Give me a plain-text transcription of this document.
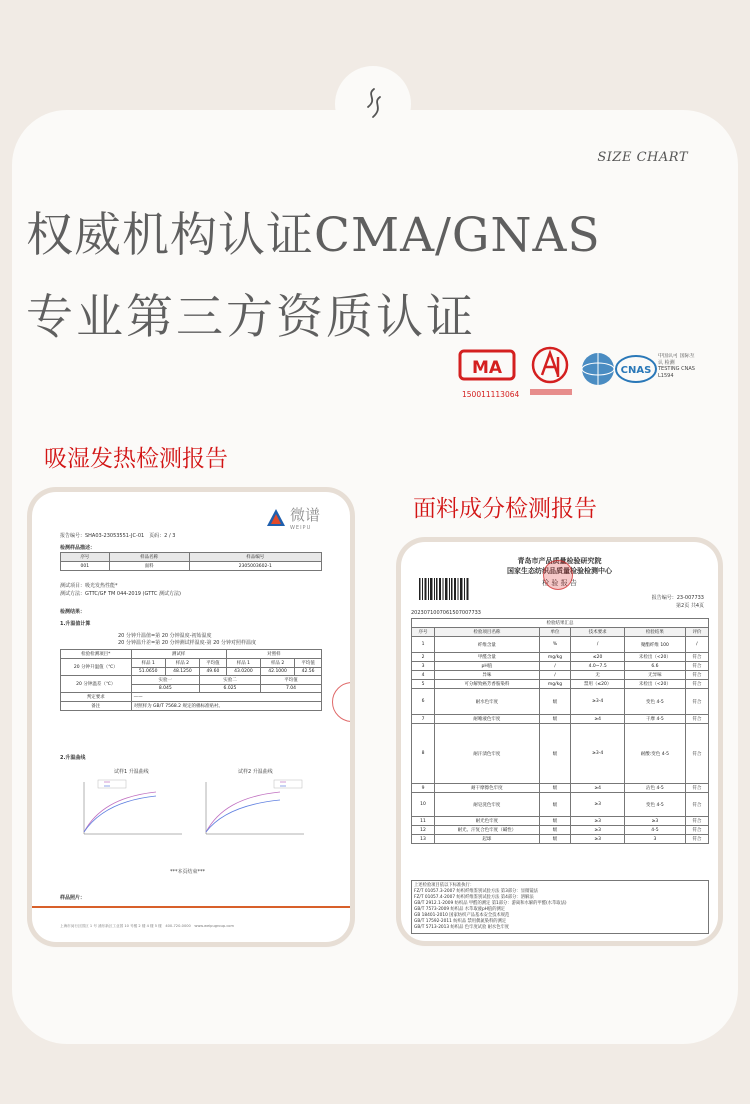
SIZE CHART
权威机构认证CMA/GNAS
专业第三方资质认证
MA
150011113064
CNAS
中国认可 国际互认 检测 TESTING CNAS L1594
吸湿发热检测报告
面料成分检测报告
微谱
WEIPU
报告编号：SHA03-23053551-JC-01　页码：2 / 3
检测样品描述：
序号	样品名称	样品编号
001	面料	2305003602-1
测试项目：吸光发热性能*
测试方法：GTTC/GF TM 044-2019 (GTTC 测试方法)
检测结果：
1.升温值计算
20 分钟升温值=第 20 分钟温度-初始温度
20 分钟温升差=第 20 分钟测试样温度-第 20 分钟对照样温度
检验检测项目*	测试样			对照样		
20 分钟升温值（℃）	样品 1	样品 2	平均值	样品 1	样品 2	平均值
	51.0650	48.1250	49.60	43.0200	42.1000	42.56
20 分钟温差（℃）	实验一		实验二		平均值	
	8.045		6.025		7.04	
判定要求	——					
备注	对照样为 GB/T 7568.2 规定的棉标准贴衬。					
2.升温曲线
试样1 升温曲线	试样2 升温曲线
***本页结束***
样品照片：
上海市闵行区园区 1 号 浦东新区工业园 10 号楼 2 楼 4 楼 5 楼　400-720-0000　www.weipugroup.com
青岛市产品质量检验研究院
国家生态纺织品质量检验检测中心
检 验 报 告
报告编号：23-007733
第2页 共4页
2023071007061507007733
检验结果汇总					
序号	检验项目名称	单位	技术要求	检验结果	评价
1	纤维含量	%	/	聚酯纤维 100	/
2	甲醛含量	mg/kg	≤20	未检出（<20）	符合
3	pH值	/	4.0~7.5	6.6	符合
4	异味	/	无	无异味	符合
5	可分解致癌芳香胺染料	mg/kg	禁用（≤20）	未检出（<20）	符合
6	耐水色牢度	级	≥3-4	变色 4-5	符合
7	耐唾液色牢度	级	≥4	干摩 4-5	符合
8	耐汗渍色牢度	级	≥3-4	耐酸:变色 4-5	符合
9	耐干摩擦色牢度	级	≥4	沾色 4-5	符合
10	耐皂洗色牢度	级	≥3	变色 4-5	符合
11	耐光色牢度	级	≥3	≥3	符合
12	耐光、汗复合色牢度（碱性）	级	≥3	4-5	符合
13	起球	级	≥3	3	符合
上述检验项目依以下标准执行：
FZ/T 01057.3-2007 纺织纤维鉴别试验方法 第3部分：显微镜法
FZ/T 01057.4-2007 纺织纤维鉴别试验方法 第4部分：溶解法
GB/T 2912.1-2009 纺织品 甲醛的测定 第1部分：游离和水解的甲醛(水萃取法)
GB/T 7573-2009 纺织品 水萃取液pH值的测定
GB 18401-2010 国家纺织产品基本安全技术规范
GB/T 17592-2011 纺织品 禁用偶氮染料的测定
GB/T 5713-2013 纺织品 色牢度试验 耐水色牢度
